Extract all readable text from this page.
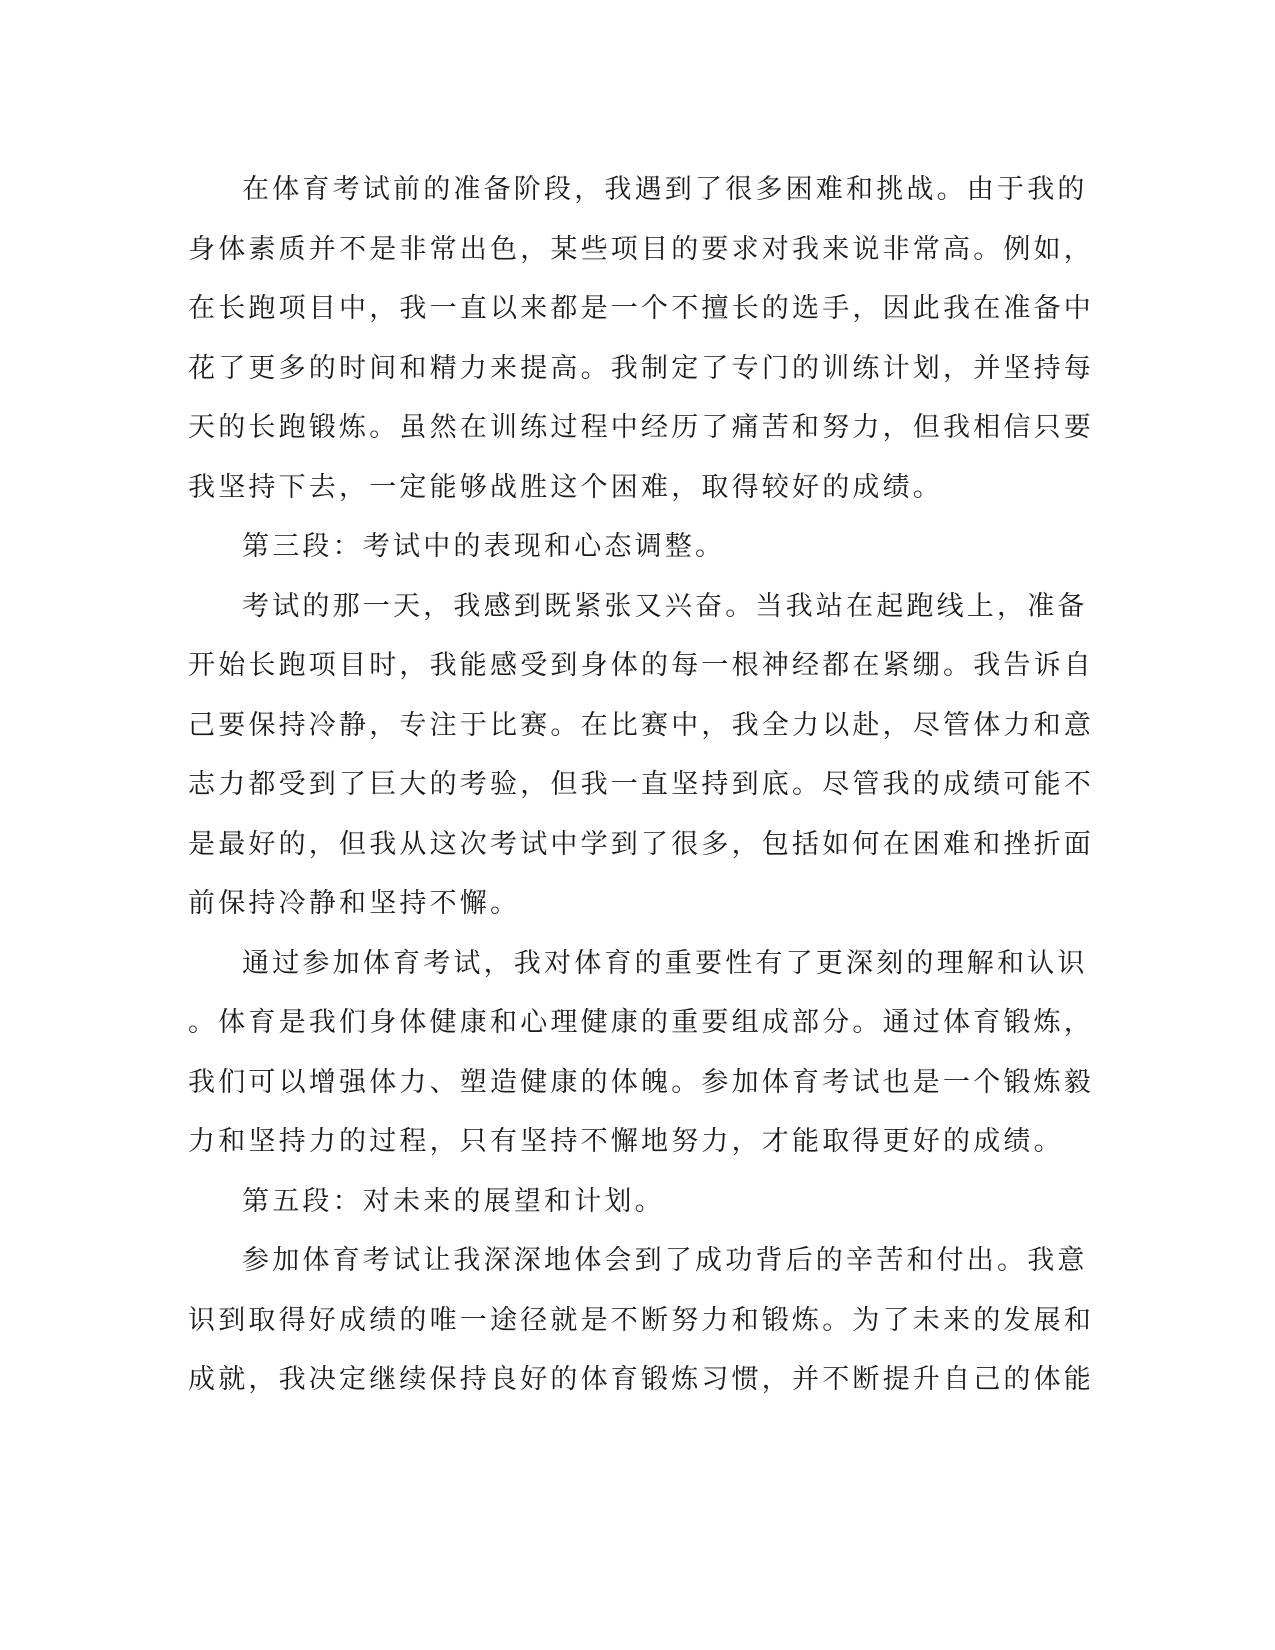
在体育考试前的准备阶段，我遇到了很多困难和挑战。由于我的
身体素质并不是非常出色，某些项目的要求对我来说非常高。例如，
在长跑项目中，我一直以来都是一个不擅长的选手，因此我在准备中
花了更多的时间和精力来提高。我制定了专门的训练计划，并坚持每
天的长跑锻炼。虽然在训练过程中经历了痛苦和努力，但我相信只要
我坚持下去，一定能够战胜这个困难，取得较好的成绩。

第三段：考试中的表现和心态调整。

考试的那一天，我感到既紧张又兴奋。当我站在起跑线上，准备
开始长跑项目时，我能感受到身体的每一根神经都在紧绷。我告诉自
己要保持冷静，专注于比赛。在比赛中，我全力以赴，尽管体力和意
志力都受到了巨大的考验，但我一直坚持到底。尽管我的成绩可能不
是最好的，但我从这次考试中学到了很多，包括如何在困难和挫折面
前保持冷静和坚持不懈。

通过参加体育考试，我对体育的重要性有了更深刻的理解和认识
。体育是我们身体健康和心理健康的重要组成部分。通过体育锻炼，
我们可以增强体力、塑造健康的体魄。参加体育考试也是一个锻炼毅
力和坚持力的过程，只有坚持不懈地努力，才能取得更好的成绩。

第五段：对未来的展望和计划。

参加体育考试让我深深地体会到了成功背后的辛苦和付出。我意
识到取得好成绩的唯一途径就是不断努力和锻炼。为了未来的发展和
成就，我决定继续保持良好的体育锻炼习惯，并不断提升自己的体能
